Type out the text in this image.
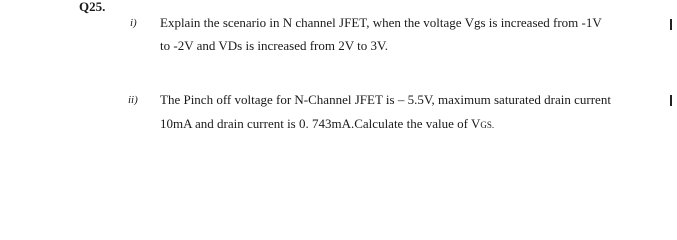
Q25.
i) Explain the scenario in N channel JFET, when the voltage Vgs is increased from -1V
to -2V and VDs is increased from 2V to 3V.
ii) The Pinch off voltage for N-Channel JFET is – 5.5V, maximum saturated drain current
10mA and drain current is 0. 743mA.Calculate the value of VGS.
